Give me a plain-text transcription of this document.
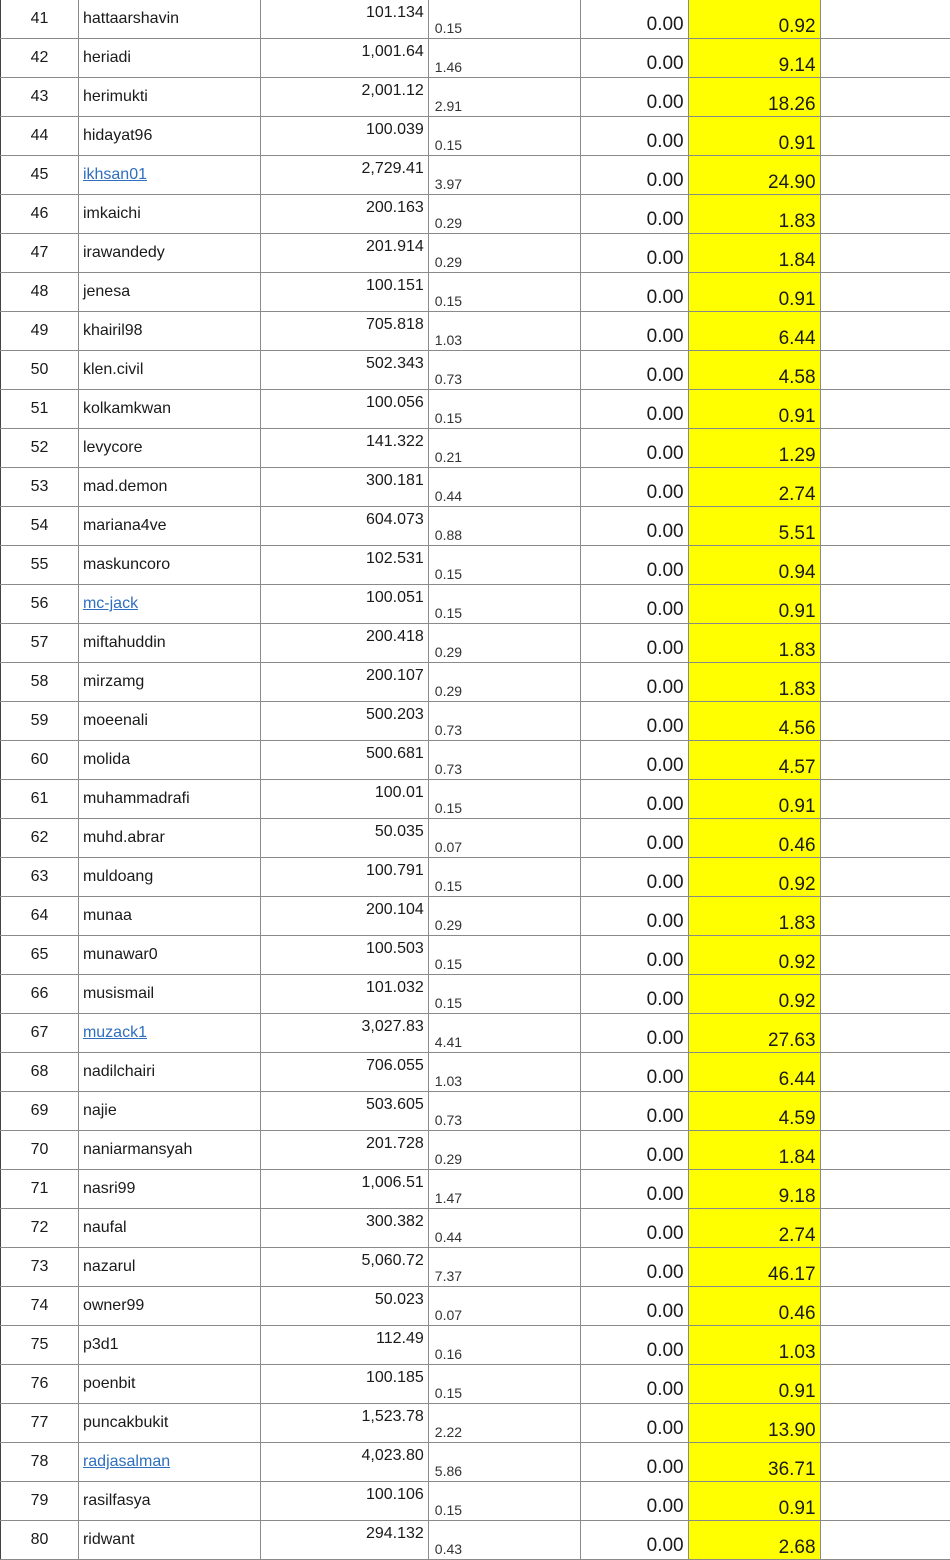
41	hattaarshavin	101.134	0.15	0.00	0.92	
42	heriadi	1,001.64	1.46	0.00	9.14	
43	herimukti	2,001.12	2.91	0.00	18.26	
44	hidayat96	100.039	0.15	0.00	0.91	
45	ikhsan01	2,729.41	3.97	0.00	24.90	
46	imkaichi	200.163	0.29	0.00	1.83	
47	irawandedy	201.914	0.29	0.00	1.84	
48	jenesa	100.151	0.15	0.00	0.91	
49	khairil98	705.818	1.03	0.00	6.44	
50	klen.civil	502.343	0.73	0.00	4.58	
51	kolkamkwan	100.056	0.15	0.00	0.91	
52	levycore	141.322	0.21	0.00	1.29	
53	mad.demon	300.181	0.44	0.00	2.74	
54	mariana4ve	604.073	0.88	0.00	5.51	
55	maskuncoro	102.531	0.15	0.00	0.94	
56	mc-jack	100.051	0.15	0.00	0.91	
57	miftahuddin	200.418	0.29	0.00	1.83	
58	mirzamg	200.107	0.29	0.00	1.83	
59	moeenali	500.203	0.73	0.00	4.56	
60	molida	500.681	0.73	0.00	4.57	
61	muhammadrafi	100.01	0.15	0.00	0.91	
62	muhd.abrar	50.035	0.07	0.00	0.46	
63	muldoang	100.791	0.15	0.00	0.92	
64	munaa	200.104	0.29	0.00	1.83	
65	munawar0	100.503	0.15	0.00	0.92	
66	musismail	101.032	0.15	0.00	0.92	
67	muzack1	3,027.83	4.41	0.00	27.63	
68	nadilchairi	706.055	1.03	0.00	6.44	
69	najie	503.605	0.73	0.00	4.59	
70	naniarmansyah	201.728	0.29	0.00	1.84	
71	nasri99	1,006.51	1.47	0.00	9.18	
72	naufal	300.382	0.44	0.00	2.74	
73	nazarul	5,060.72	7.37	0.00	46.17	
74	owner99	50.023	0.07	0.00	0.46	
75	p3d1	112.49	0.16	0.00	1.03	
76	poenbit	100.185	0.15	0.00	0.91	
77	puncakbukit	1,523.78	2.22	0.00	13.90	
78	radjasalman	4,023.80	5.86	0.00	36.71	
79	rasilfasya	100.106	0.15	0.00	0.91	
80	ridwant	294.132	0.43	0.00	2.68	
